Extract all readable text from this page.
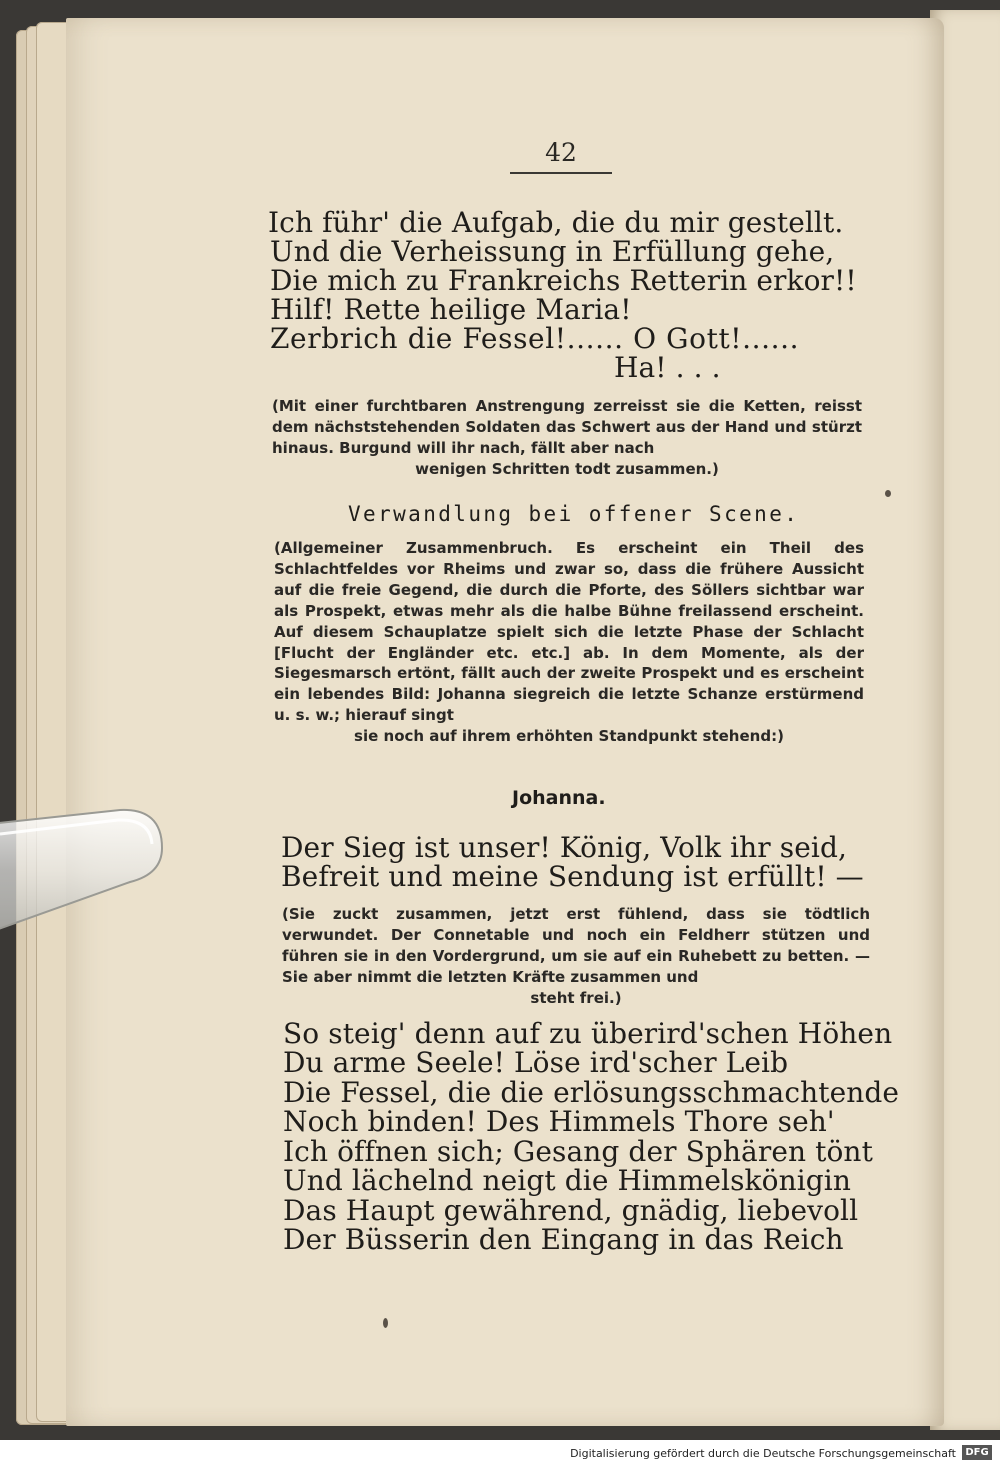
42
Ich führ' die Aufgab, die du mir gestellt.
Und die Verheissung in Erfüllung gehe,
Die mich zu Frankreichs Retterin erkor!!
Hilf! Rette heilige Maria!
Zerbrich die Fessel!...... O Gott!......
Ha! . . .
(Mit einer furchtbaren Anstrengung zerreisst sie die Ketten, reisst dem nächststehenden Soldaten das Schwert aus der Hand und stürzt hinaus. Burgund will ihr nach, fällt aber nach
wenigen Schritten todt zusammen.)
Verwandlung bei offener Scene.
(Allgemeiner Zusammenbruch. Es erscheint ein Theil des Schlachtfeldes vor Rheims und zwar so, dass die frühere Aussicht auf die freie Gegend, die durch die Pforte, des Söllers sichtbar war als Prospekt, etwas mehr als die halbe Bühne freilassend erscheint. Auf diesem Schauplatze spielt sich die letzte Phase der Schlacht [Flucht der Engländer etc. etc.] ab. In dem Momente, als der Siegesmarsch ertönt, fällt auch der zweite Prospekt und es erscheint ein lebendes Bild: Johanna siegreich die letzte Schanze erstürmend u. s. w.; hierauf singt
sie noch auf ihrem erhöhten Standpunkt stehend:)
Johanna.
Der Sieg ist unser! König, Volk ihr seid,
Befreit und meine Sendung ist erfüllt! —
(Sie zuckt zusammen, jetzt erst fühlend, dass sie tödtlich verwundet. Der Connetable und noch ein Feldherr stützen und führen sie in den Vordergrund, um sie auf ein Ruhebett zu betten. — Sie aber nimmt die letzten Kräfte zusammen und
steht frei.)
So steig' denn auf zu überird'schen Höhen
Du arme Seele! Löse ird'scher Leib
Die Fessel, die die erlösungsschmachtende
Noch binden! Des Himmels Thore seh'
Ich öffnen sich; Gesang der Sphären tönt
Und lächelnd neigt die Himmelskönigin
Das Haupt gewährend, gnädig, liebevoll
Der Büsserin den Eingang in das Reich
Digitalisierung gefördert durch die Deutsche Forschungsgemeinschaft DFG
